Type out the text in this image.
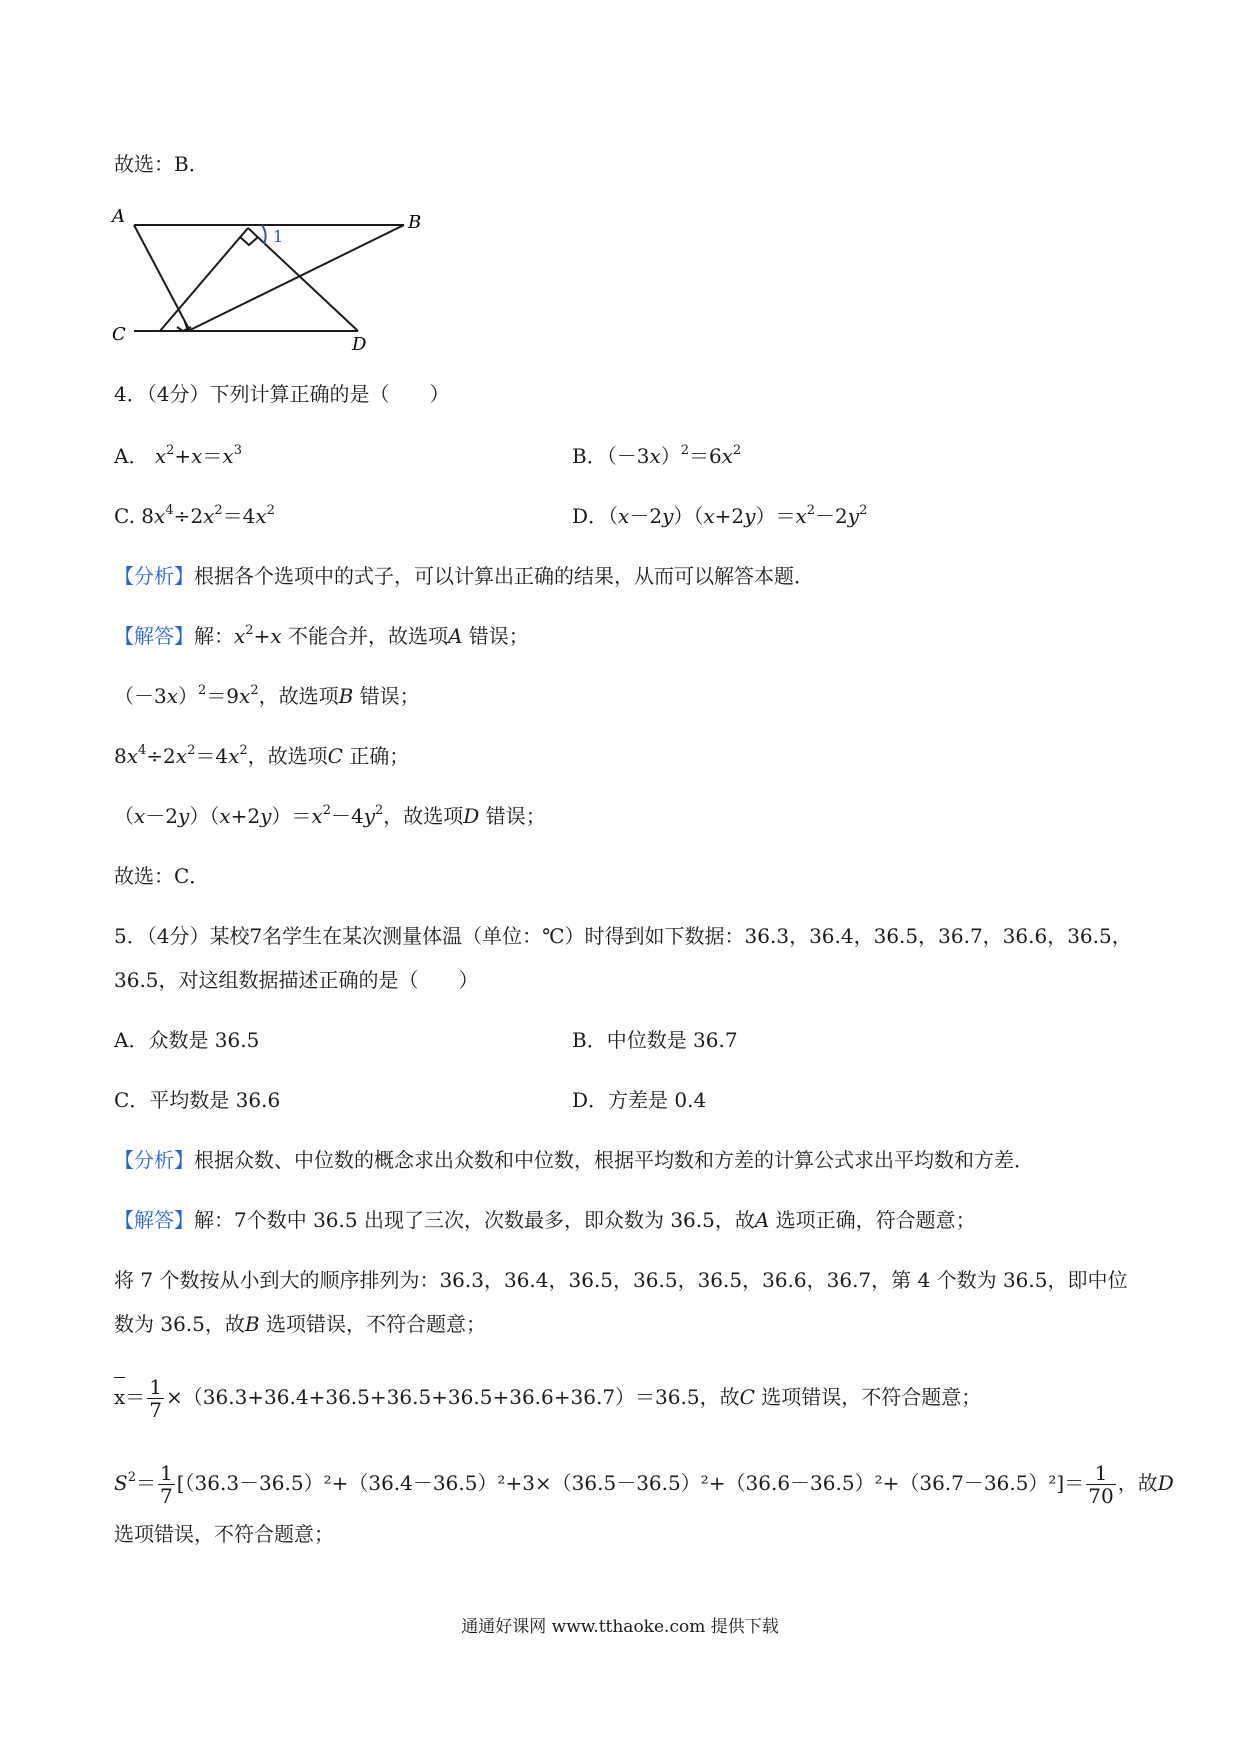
故选：B．
A	B
C	D
1
4．（4分）下列计算正确的是（　　）
A． $x^2+x=x^3$	B．$(-3x)^2=6x^2$
C. $8x^4\div 2x^2=4x^2$	D．$(x-2y)(x+2y)=x^2-2y^2$
【分析】根据各个选项中的式子，可以计算出正确的结果，从而可以解答本题．
【解答】解：$x^2+x$ 不能合并，故选项A 错误；
$(-3x)^2=9x^2$，故选项B 错误；
$8x^4\div 2x^2=4x^2$，故选项C 正确；
$(x-2y)(x+2y)=x^2-4y^2$，故选项D 错误；
故选：C．
5．（4分）某校7名学生在某次测量体温（单位：℃）时得到如下数据：36.3，36.4，36.5，36.7，36.6，36.5，
36.5，对这组数据描述正确的是（　　）
A．众数是 36.5	B．中位数是 36.7
C．平均数是 36.6	D．方差是 0.4
【分析】根据众数、中位数的概念求出众数和中位数，根据平均数和方差的计算公式求出平均数和方差．
【解答】解：7个数中 36.5 出现了三次，次数最多，即众数为 36.5，故A 选项正确，符合题意；
将 7 个数按从小到大的顺序排列为：36.3，36.4，36.5，36.5，36.5，36.6，36.7，第 4 个数为 36.5，即中位
数为 36.5，故B 选项错误，不符合题意；
$x= \frac{1}{7} \times(36.3+36.4+36.5+36.5+36.5+36.6+36.7)=36.5$，故C 选项错误，不符合题意；
$S^2= \frac{1}{7} [(36.3-36.5)^2+(36.4-36.5)^2+3\times(36.5-36.5)^2+(36.6-36.5)^2+(36.7-36.5)^2]= \frac{1}{70}$ ，故D
选项错误，不符合题意；
通通好课网 www.tthaoke.com 提供下载
